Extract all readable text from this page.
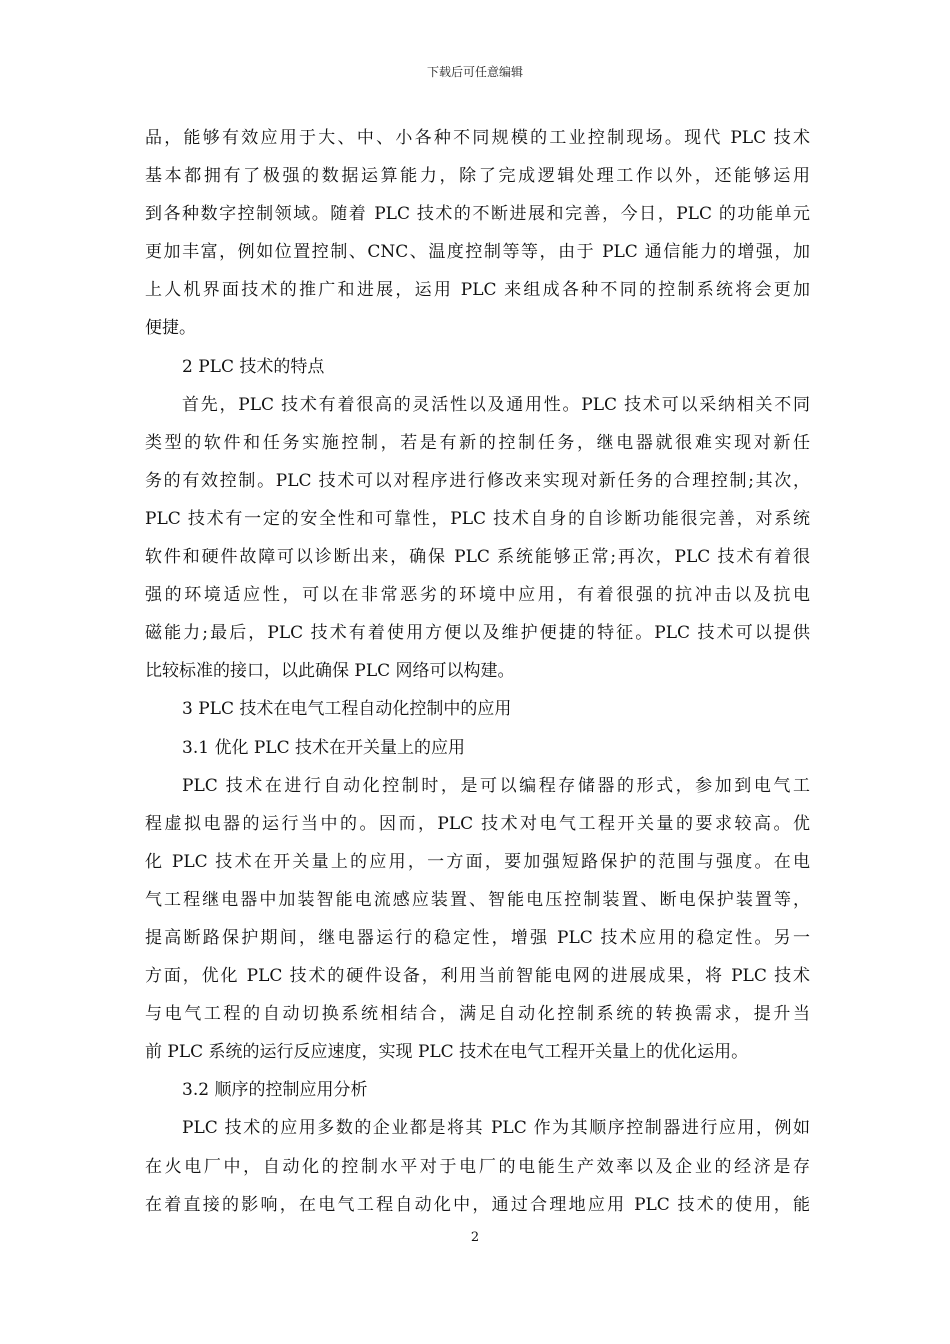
下载后可任意编辑
品，能够有效应用于大、中、小各种不同规模的工业控制现场。现代 PLC 技术
基本都拥有了极强的数据运算能力，除了完成逻辑处理工作以外，还能够运用
到各种数字控制领域。随着 PLC 技术的不断进展和完善，今日，PLC 的功能单元
更加丰富，例如位置控制、CNC、温度控制等等，由于 PLC 通信能力的增强，加
上人机界面技术的推广和进展，运用 PLC 来组成各种不同的控制系统将会更加
便捷。
2 PLC 技术的特点
首先，PLC 技术有着很高的灵活性以及通用性。PLC 技术可以采纳相关不同
类型的软件和任务实施控制，若是有新的控制任务，继电器就很难实现对新任
务的有效控制。PLC 技术可以对程序进行修改来实现对新任务的合理控制;其次，
PLC 技术有一定的安全性和可靠性，PLC 技术自身的自诊断功能很完善，对系统
软件和硬件故障可以诊断出来，确保 PLC 系统能够正常;再次，PLC 技术有着很
强的环境适应性，可以在非常恶劣的环境中应用，有着很强的抗冲击以及抗电
磁能力;最后，PLC 技术有着使用方便以及维护便捷的特征。PLC 技术可以提供
比较标准的接口，以此确保 PLC 网络可以构建。
3 PLC 技术在电气工程自动化控制中的应用
3.1 优化 PLC 技术在开关量上的应用
PLC 技术在进行自动化控制时，是可以编程存储器的形式，参加到电气工
程虚拟电器的运行当中的。因而，PLC 技术对电气工程开关量的要求较高。优
化 PLC 技术在开关量上的应用，一方面，要加强短路保护的范围与强度。在电
气工程继电器中加装智能电流感应装置、智能电压控制装置、断电保护装置等，
提高断路保护期间，继电器运行的稳定性，增强 PLC 技术应用的稳定性。另一
方面，优化 PLC 技术的硬件设备，利用当前智能电网的进展成果，将 PLC 技术
与电气工程的自动切换系统相结合，满足自动化控制系统的转换需求，提升当
前 PLC 系统的运行反应速度，实现 PLC 技术在电气工程开关量上的优化运用。
3.2 顺序的控制应用分析
PLC 技术的应用多数的企业都是将其 PLC 作为其顺序控制器进行应用，例如
在火电厂中，自动化的控制水平对于电厂的电能生产效率以及企业的经济是存
在着直接的影响，在电气工程自动化中，通过合理地应用 PLC 技术的使用，能
2
